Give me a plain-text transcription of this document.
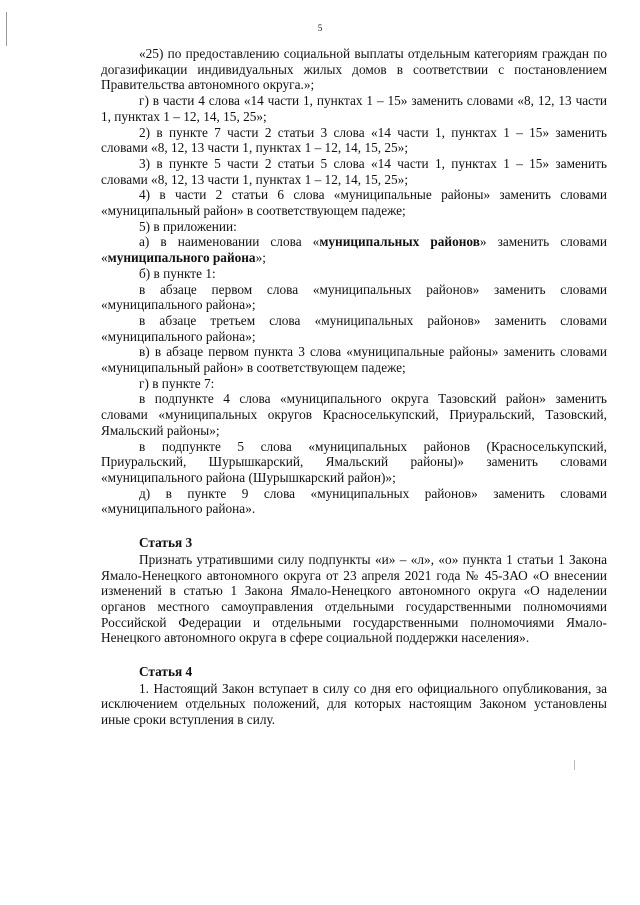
5

«25) по предоставлению социальной выплаты отдельным категориям граждан по догазификации индивидуальных жилых домов в соответствии с постановлением Правительства автономного округа.»;

г) в части 4 слова «14 части 1, пунктах 1 – 15» заменить словами «8, 12, 13 части 1, пунктах 1 – 12, 14, 15, 25»;

2) в пункте 7 части 2 статьи 3 слова «14 части 1, пунктах 1 – 15» заменить словами «8, 12, 13 части 1, пунктах 1 – 12, 14, 15, 25»;

3) в пункте 5 части 2 статьи 5 слова «14 части 1, пунктах 1 – 15» заменить словами «8, 12, 13 части 1, пунктах 1 – 12, 14, 15, 25»;

4) в части 2 статьи 6 слова «муниципальные районы» заменить словами «муниципальный район» в соответствующем падеже;

5) в приложении:

а) в наименовании слова «муниципальных районов» заменить словами «муниципального района»;

б) в пункте 1:

в абзаце первом слова «муниципальных районов» заменить словами «муниципального района»;

в абзаце третьем слова «муниципальных районов» заменить словами «муниципального района»;

в) в абзаце первом пункта 3 слова «муниципальные районы» заменить словами «муниципальный район» в соответствующем падеже;

г) в пункте 7:

в подпункте 4 слова «муниципального округа Тазовский район» заменить словами «муниципальных округов Красноселькупский, Приуральский, Тазовский, Ямальский районы»;

в подпункте 5 слова «муниципальных районов (Красноселькупский, Приуральский, Шурышкарский, Ямальский районы)» заменить словами «муниципального района (Шурышкарский район)»;

д) в пункте 9 слова «муниципальных районов» заменить словами «муниципального района».

Статья 3

Признать утратившими силу подпункты «и» – «л», «о» пункта 1 статьи 1 Закона Ямало-Ненецкого автономного округа от 23 апреля 2021 года № 45-ЗАО «О внесении изменений в статью 1 Закона Ямало-Ненецкого автономного округа «О наделении органов местного самоуправления отдельными государственными полномочиями Российской Федерации и отдельными государственными полномочиями Ямало-Ненецкого автономного округа в сфере социальной поддержки населения».

Статья 4

1. Настоящий Закон вступает в силу со дня его официального опубликования, за исключением отдельных положений, для которых настоящим Законом установлены иные сроки вступления в силу.
